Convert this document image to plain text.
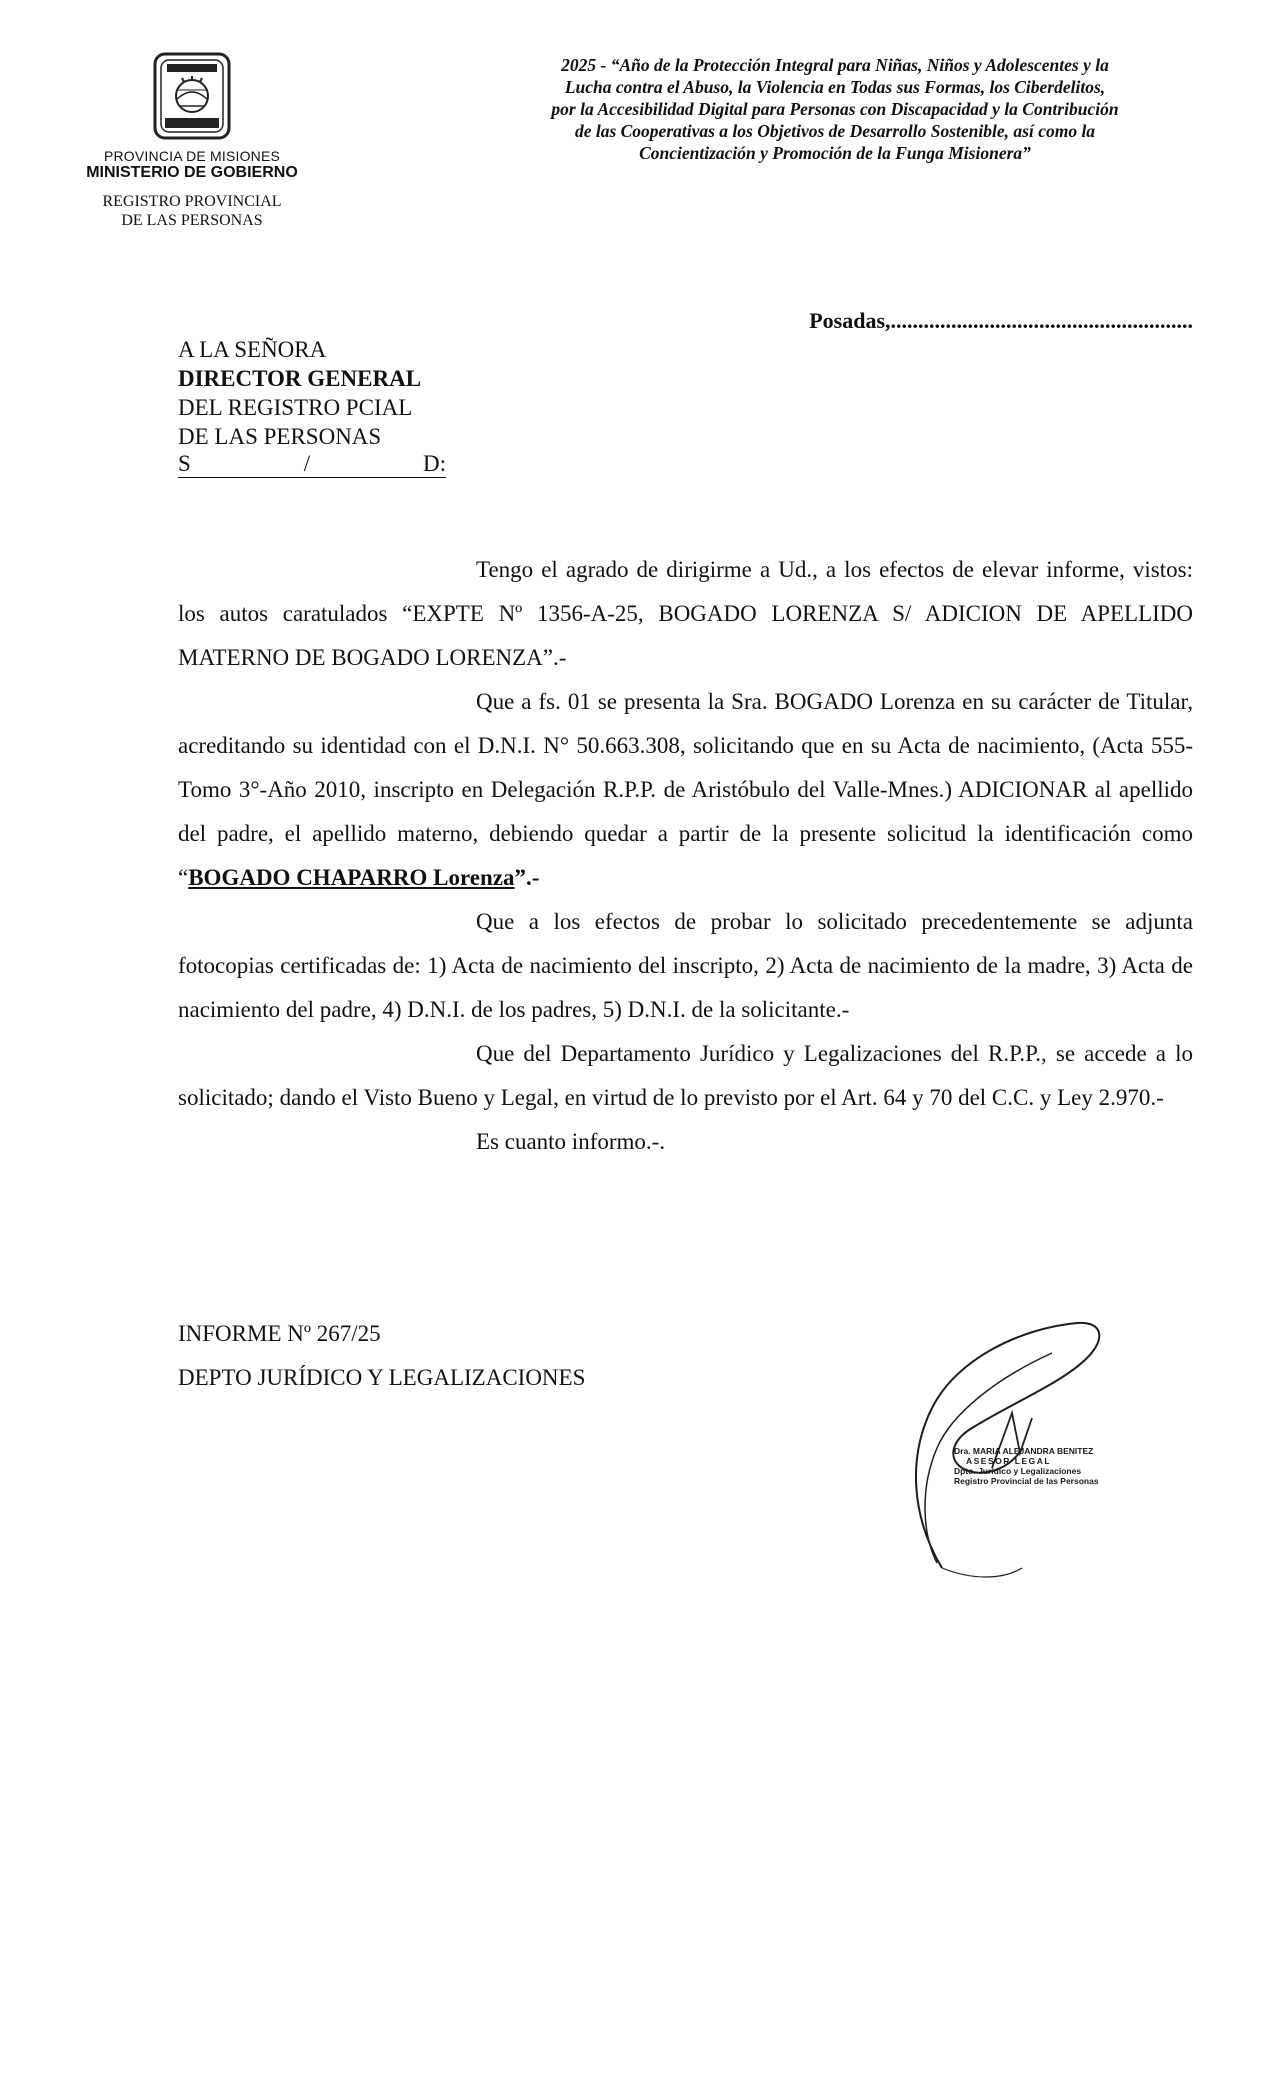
PROVINCIA DE MISIONES
MINISTERIO DE GOBIERNO
REGISTRO PROVINCIAL
DE LAS PERSONAS
2025 - “Año de la Protección Integral para Niñas, Niños y Adolescentes y la
Lucha contra el Abuso, la Violencia en Todas sus Formas, los Ciberdelitos,
por la Accesibilidad Digital para Personas con Discapacidad y la Contribución
de las Cooperativas a los Objetivos de Desarrollo Sostenible, así como la
Concientización y Promoción de la Funga Misionera”
Posadas,.......................................................
A LA SEÑORA
DIRECTOR GENERAL
DEL REGISTRO PCIAL
DE LAS PERSONAS
S	/	D:

Tengo el agrado de dirigirme a Ud., a los efectos de elevar informe, vistos: los autos caratulados “EXPTE Nº 1356-A-25, BOGADO LORENZA S/ ADICION DE APELLIDO MATERNO DE BOGADO LORENZA”.-

Que a fs. 01 se presenta la Sra. BOGADO Lorenza en su carácter de Titular, acreditando su identidad con el D.N.I. N° 50.663.308, solicitando que en su Acta de nacimiento, (Acta 555-Tomo 3°-Año 2010, inscripto en Delegación R.P.P. de Aristóbulo del Valle-Mnes.) ADICIONAR al apellido del padre, el apellido materno, debiendo quedar a partir de la presente solicitud la identificación como “BOGADO CHAPARRO Lorenza”.-

Que a los efectos de probar lo solicitado precedentemente se adjunta fotocopias certificadas de: 1) Acta de nacimiento del inscripto, 2) Acta de nacimiento de la madre, 3) Acta de nacimiento del padre, 4) D.N.I. de los padres, 5) D.N.I. de la solicitante.-

Que del Departamento Jurídico y Legalizaciones del R.P.P., se accede a lo solicitado; dando el Visto Bueno y Legal, en virtud de lo previsto por el Art. 64 y 70 del C.C. y Ley 2.970.-

Es cuanto informo.-.

INFORME Nº 267/25
DEPTO JURÍDICO Y LEGALIZACIONES
Dra. MARIA ALEJANDRA BENITEZ
ASESOR LEGAL
Dpto. Jurídico y Legalizaciones
Registro Provincial de las Personas
